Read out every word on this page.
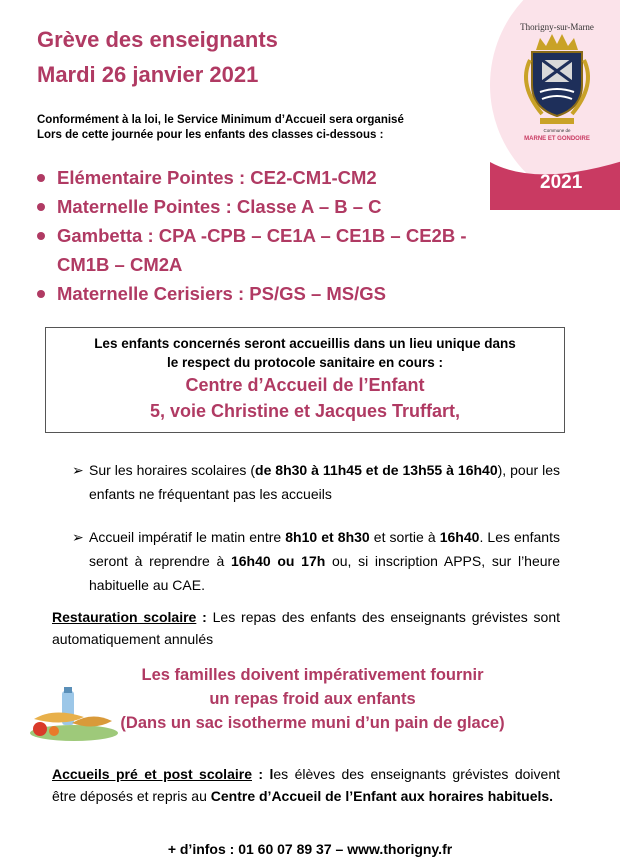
Grève des enseignants
Mardi 26 janvier 2021
Conformément à la loi, le Service Minimum d’Accueil sera organisé
Lors de cette journée pour les enfants des classes ci-dessous :
Thorigny-sur-Marne
Commune de
MARNE ET GONDOIRE
2021
Elémentaire Pointes : CE2-CM1-CM2
Maternelle Pointes : Classe A – B – C
Gambetta : CPA -CPB – CE1A – CE1B – CE2B -
CM1B – CM2A
Maternelle Cerisiers : PS/GS – MS/GS
Les enfants concernés seront accueillis dans un lieu unique dans
le respect du protocole sanitaire en cours :
Centre d’Accueil de l’Enfant
5, voie Christine et Jacques Truffart,
➢ Sur les horaires scolaires (de 8h30 à 11h45 et de 13h55 à 16h40), pour les enfants ne fréquentant pas les accueils
➢ Accueil impératif le matin entre 8h10 et 8h30 et sortie à 16h40. Les enfants seront à reprendre à 16h40 ou 17h ou, si inscription APPS, sur l’heure habituelle au CAE.
Restauration scolaire : Les repas des enfants des enseignants grévistes sont automatiquement annulés
Les familles doivent impérativement fournir
un repas froid aux enfants
(Dans un sac isotherme muni d’un pain de glace)
Accueils pré et post scolaire : les élèves des enseignants grévistes doivent être déposés et repris au Centre d’Accueil de l’Enfant aux horaires habituels.
+ d’infos : 01 60 07 89 37 – www.thorigny.fr
